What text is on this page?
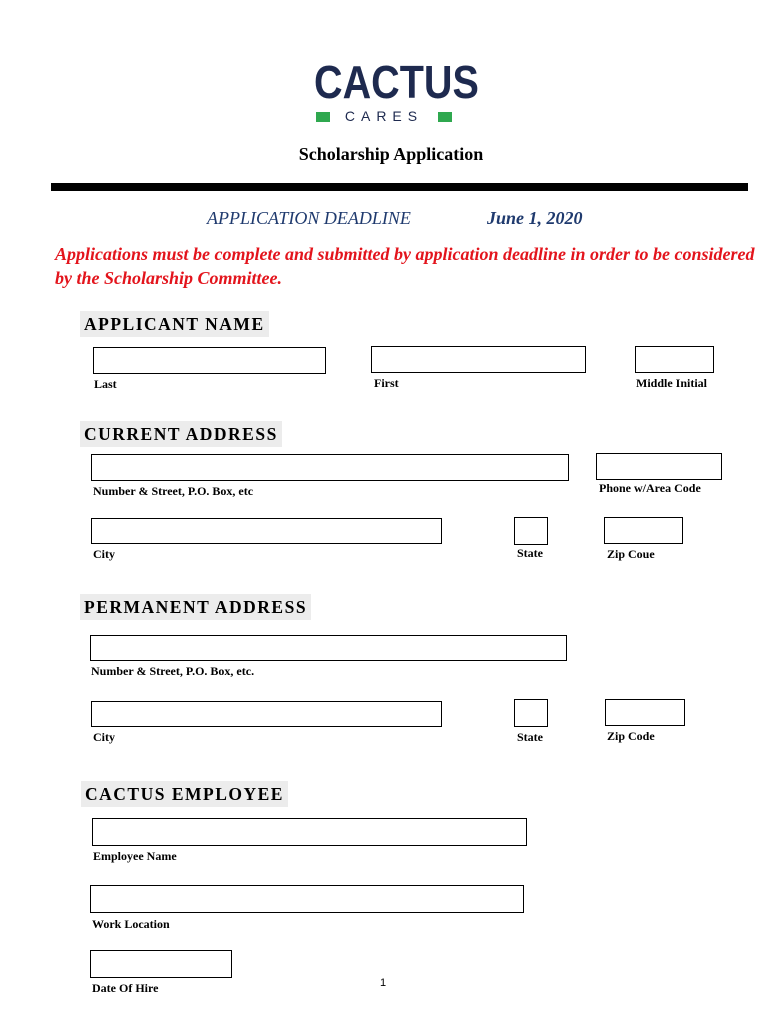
CACTUS
CARES
Scholarship Application
APPLICATION DEADLINE	June 1, 2020
Applications must be complete and submitted by application deadline in order to be considered by the Scholarship Committee.
APPLICANT NAME
Last	First	Middle Initial
CURRENT ADDRESS
Number & Street, P.O. Box, etc	Phone w/Area Code
City	State	Zip Coue
PERMANENT ADDRESS
Number & Street, P.O. Box, etc.
City	State	Zip Code
CACTUS EMPLOYEE
Employee Name
Work Location
Date Of Hire	1
